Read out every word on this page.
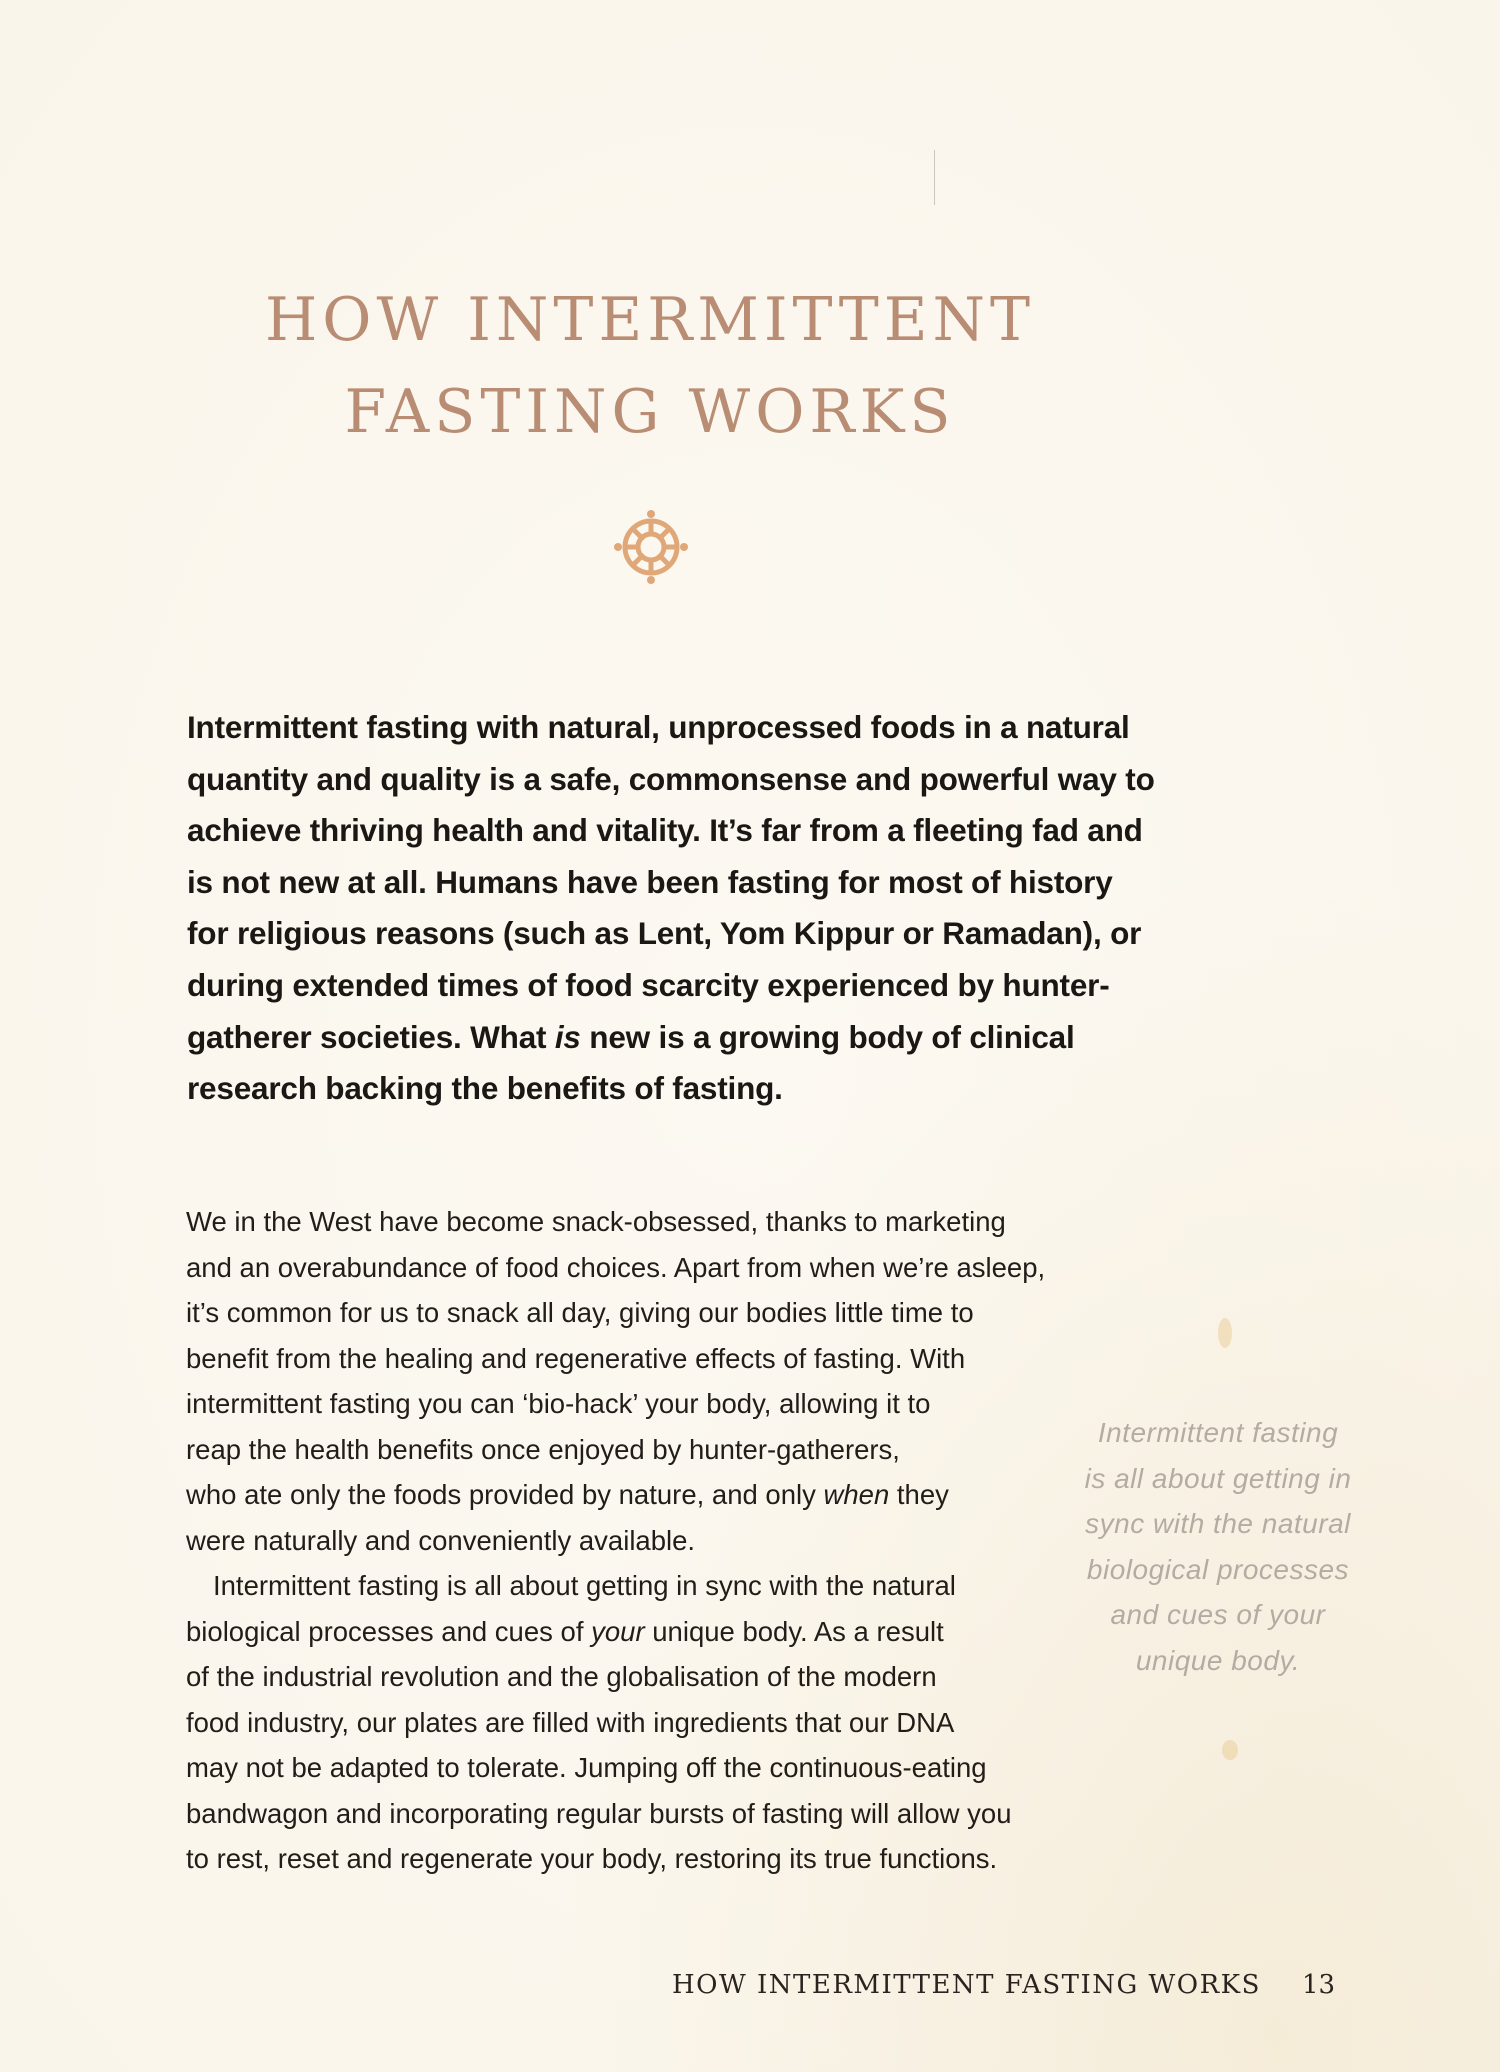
HOW INTERMITTENT
FASTING WORKS

Intermittent fasting with natural, unprocessed foods in a natural
quantity and quality is a safe, commonsense and powerful way to
achieve thriving health and vitality. It’s far from a fleeting fad and
is not new at all. Humans have been fasting for most of history
for religious reasons (such as Lent, Yom Kippur or Ramadan), or
during extended times of food scarcity experienced by hunter-
gatherer societies. What is new is a growing body of clinical
research backing the benefits of fasting.

We in the West have become snack-obsessed, thanks to marketing
and an overabundance of food choices. Apart from when we’re asleep,
it’s common for us to snack all day, giving our bodies little time to
benefit from the healing and regenerative effects of fasting. With
intermittent fasting you can ‘bio-hack’ your body, allowing it to
reap the health benefits once enjoyed by hunter-gatherers,
who ate only the foods provided by nature, and only when they
were naturally and conveniently available.
Intermittent fasting is all about getting in sync with the natural
biological processes and cues of your unique body. As a result
of the industrial revolution and the globalisation of the modern
food industry, our plates are filled with ingredients that our DNA
may not be adapted to tolerate. Jumping off the continuous-eating
bandwagon and incorporating regular bursts of fasting will allow you
to rest, reset and regenerate your body, restoring its true functions.
Intermittent fasting
is all about getting in
sync with the natural
biological processes
and cues of your
unique body.
HOW INTERMITTENT FASTING WORKS 13
